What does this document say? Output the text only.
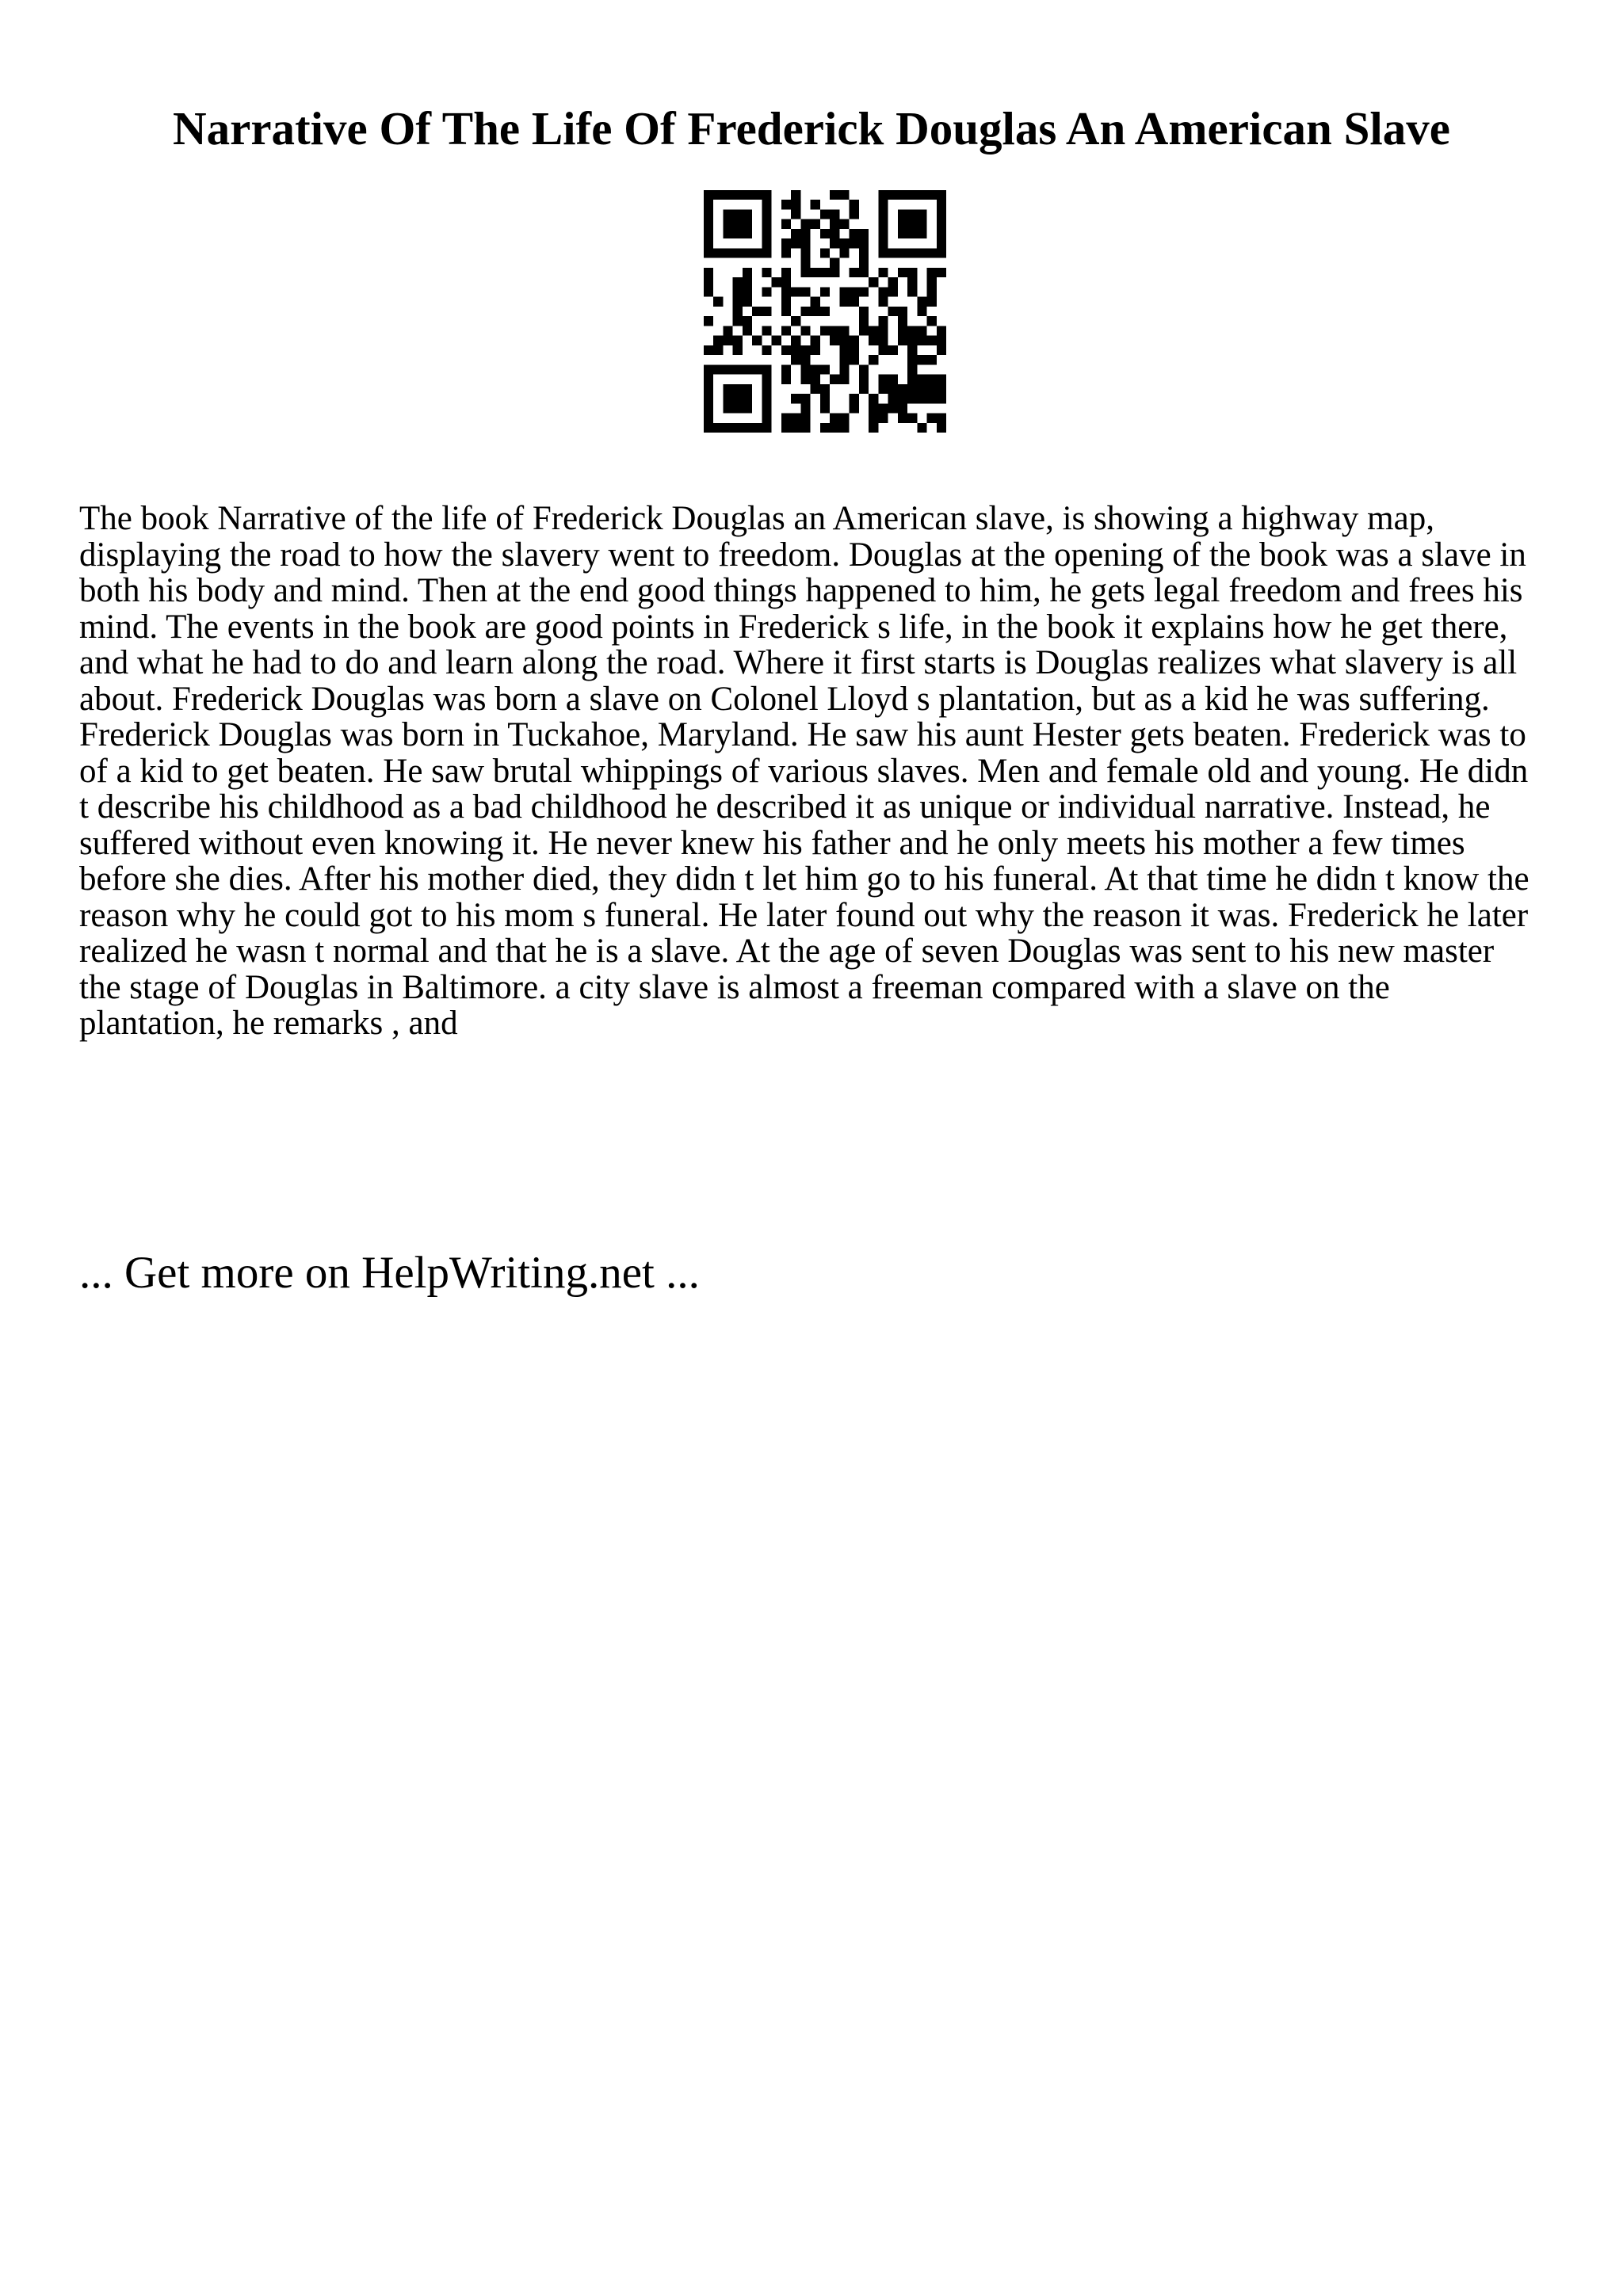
Narrative Of The Life Of Frederick Douglas An American Slave

The book Narrative of the life of Frederick Douglas an American slave, is showing a highway map, displaying the road to how the slavery went to freedom. Douglas at the opening of the book was a slave in both his body and mind. Then at the end good things happened to him, he gets legal freedom and frees his mind. The events in the book are good points in Frederick s life, in the book it explains how he get there, and what he had to do and learn along the road. Where it first starts is Douglas realizes what slavery is all about. Frederick Douglas was born a slave on Colonel Lloyd s plantation, but as a kid he was suffering. Frederick Douglas was born in Tuckahoe, Maryland. He saw his aunt Hester gets beaten. Frederick was to of a kid to get beaten. He saw brutal whippings of various slaves. Men and female old and young. He didn t describe his childhood as a bad childhood he described it as unique or individual narrative. Instead, he suffered without even knowing it. He never knew his father and he only meets his mother a few times before she dies. After his mother died, they didn t let him go to his funeral. At that time he didn t know the reason why he could got to his mom s funeral. He later found out why the reason it was. Frederick he later realized he wasn t normal and that he is a slave. At the age of seven Douglas was sent to his new master the stage of Douglas in Baltimore. a city slave is almost a freeman compared with a slave on the plantation, he remarks , and

... Get more on HelpWriting.net ...
